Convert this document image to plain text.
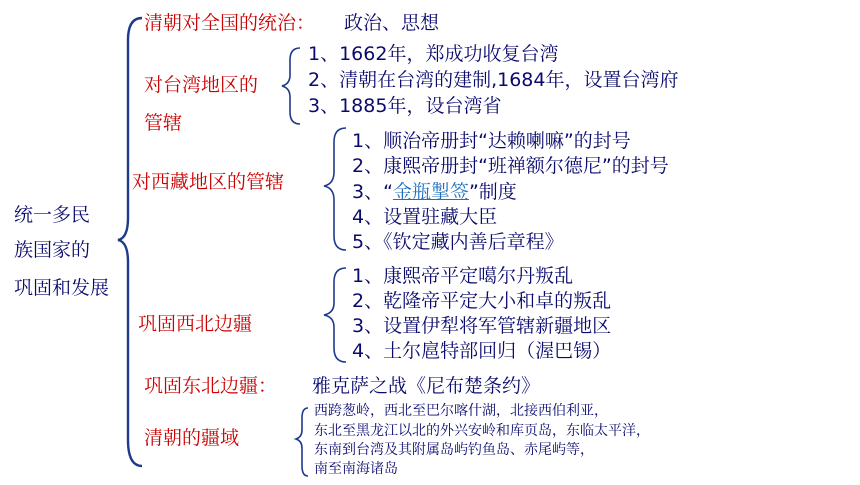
统一多民
族国家的
巩固和发展
清朝对全国的统治： 政治、思想
对台湾地区的
管辖
1、1662年，郑成功收复台湾
2、清朝在台湾的建制,1684年，设置台湾府
3、1885年，设台湾省
对西藏地区的管辖
1、顺治帝册封“达赖喇嘛”的封号
2、康熙帝册封“班禅额尔德尼”的封号
3、“金瓶掣签”制度
4、设置驻藏大臣
5、《钦定藏内善后章程》
巩固西北边疆
1、康熙帝平定噶尔丹叛乱
2、乾隆帝平定大小和卓的叛乱
3、设置伊犁将军管辖新疆地区
4、土尔扈特部回归（渥巴锡）
巩固东北边疆： 雅克萨之战《尼布楚条约》
清朝的疆域
西跨葱岭，西北至巴尔喀什湖，北接西伯利亚，
东北至黑龙江以北的外兴安岭和库页岛，东临太平洋，
东南到台湾及其附属岛屿钓鱼岛、赤尾屿等，
南至南海诸岛
